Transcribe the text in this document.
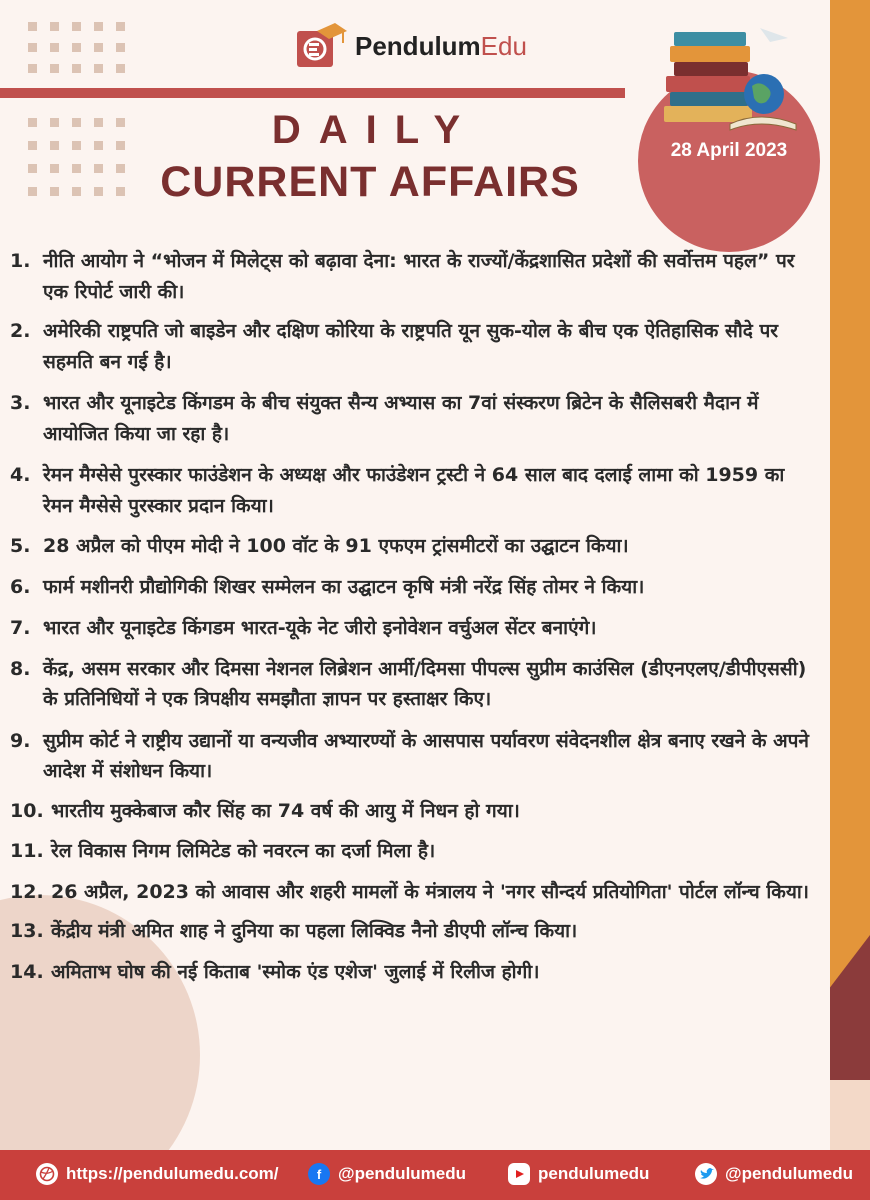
PendulumEdu
DAILY
CURRENT AFFAIRS
28 April 2023
1. नीति आयोग ने “भोजन में मिलेट्स को बढ़ावा देना: भारत के राज्यों/केंद्रशासित प्रदेशों की सर्वोत्तम पहल” पर एक रिपोर्ट जारी की।
2. अमेरिकी राष्ट्रपति जो बाइडेन और दक्षिण कोरिया के राष्ट्रपति यून सुक-योल के बीच एक ऐतिहासिक सौदे पर सहमति बन गई है।
3. भारत और यूनाइटेड किंगडम के बीच संयुक्त सैन्य अभ्यास का 7वां संस्करण ब्रिटेन के सैलिसबरी मैदान में आयोजित किया जा रहा है।
4. रेमन मैग्सेसे पुरस्कार फाउंडेशन के अध्यक्ष और फाउंडेशन ट्रस्टी ने 64 साल बाद दलाई लामा को 1959 का रेमन मैग्सेसे पुरस्कार प्रदान किया।
5. 28 अप्रैल को पीएम मोदी ने 100 वॉट के 91 एफएम ट्रांसमीटरों का उद्घाटन किया।
6. फार्म मशीनरी प्रौद्योगिकी शिखर सम्मेलन का उद्घाटन कृषि मंत्री नरेंद्र सिंह तोमर ने किया।
7. भारत और यूनाइटेड किंगडम भारत-यूके नेट जीरो इनोवेशन वर्चुअल सेंटर बनाएंगे।
8. केंद्र, असम सरकार और दिमसा नेशनल लिब्रेशन आर्मी/दिमसा पीपल्स सुप्रीम काउंसिल (डीएनएलए/डीपीएससी) के प्रतिनिधियों ने एक त्रिपक्षीय समझौता ज्ञापन पर हस्ताक्षर किए।
9. सुप्रीम कोर्ट ने राष्ट्रीय उद्यानों या वन्यजीव अभ्यारण्यों के आसपास पर्यावरण संवेदनशील क्षेत्र बनाए रखने के अपने आदेश में संशोधन किया।
10. भारतीय मुक्केबाज कौर सिंह का 74 वर्ष की आयु में निधन हो गया।
11. रेल विकास निगम लिमिटेड को नवरत्न का दर्जा मिला है।
12. 26 अप्रैल, 2023 को आवास और शहरी मामलों के मंत्रालय ने 'नगर सौन्दर्य प्रतियोगिता' पोर्टल लॉन्च किया।
13. केंद्रीय मंत्री अमित शाह ने दुनिया का पहला लिक्विड नैनो डीएपी लॉन्च किया।
14. अमिताभ घोष की नई किताब 'स्मोक एंड एशेज' जुलाई में रिलीज होगी।
https://pendulumedu.com/	f @pendulumedu	pendulumedu	@pendulumedu
